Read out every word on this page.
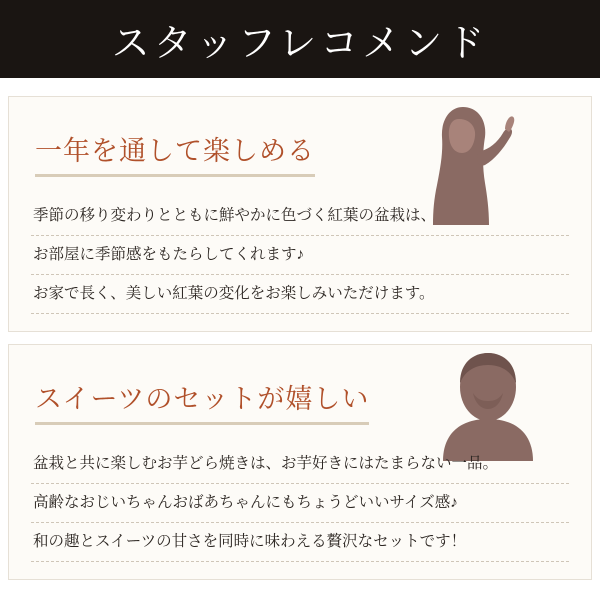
スタッフレコメンド
一年を通して楽しめる
季節の移り変わりとともに鮮やかに色づく紅葉の盆栽は、
お部屋に季節感をもたらしてくれます♪
お家で長く、美しい紅葉の変化をお楽しみいただけます。
スイーツのセットが嬉しい
盆栽と共に楽しむお芋どら焼きは、お芋好きにはたまらない一品。
高齢なおじいちゃんおばあちゃんにもちょうどいいサイズ感♪
和の趣とスイーツの甘さを同時に味わえる贅沢なセットです！
